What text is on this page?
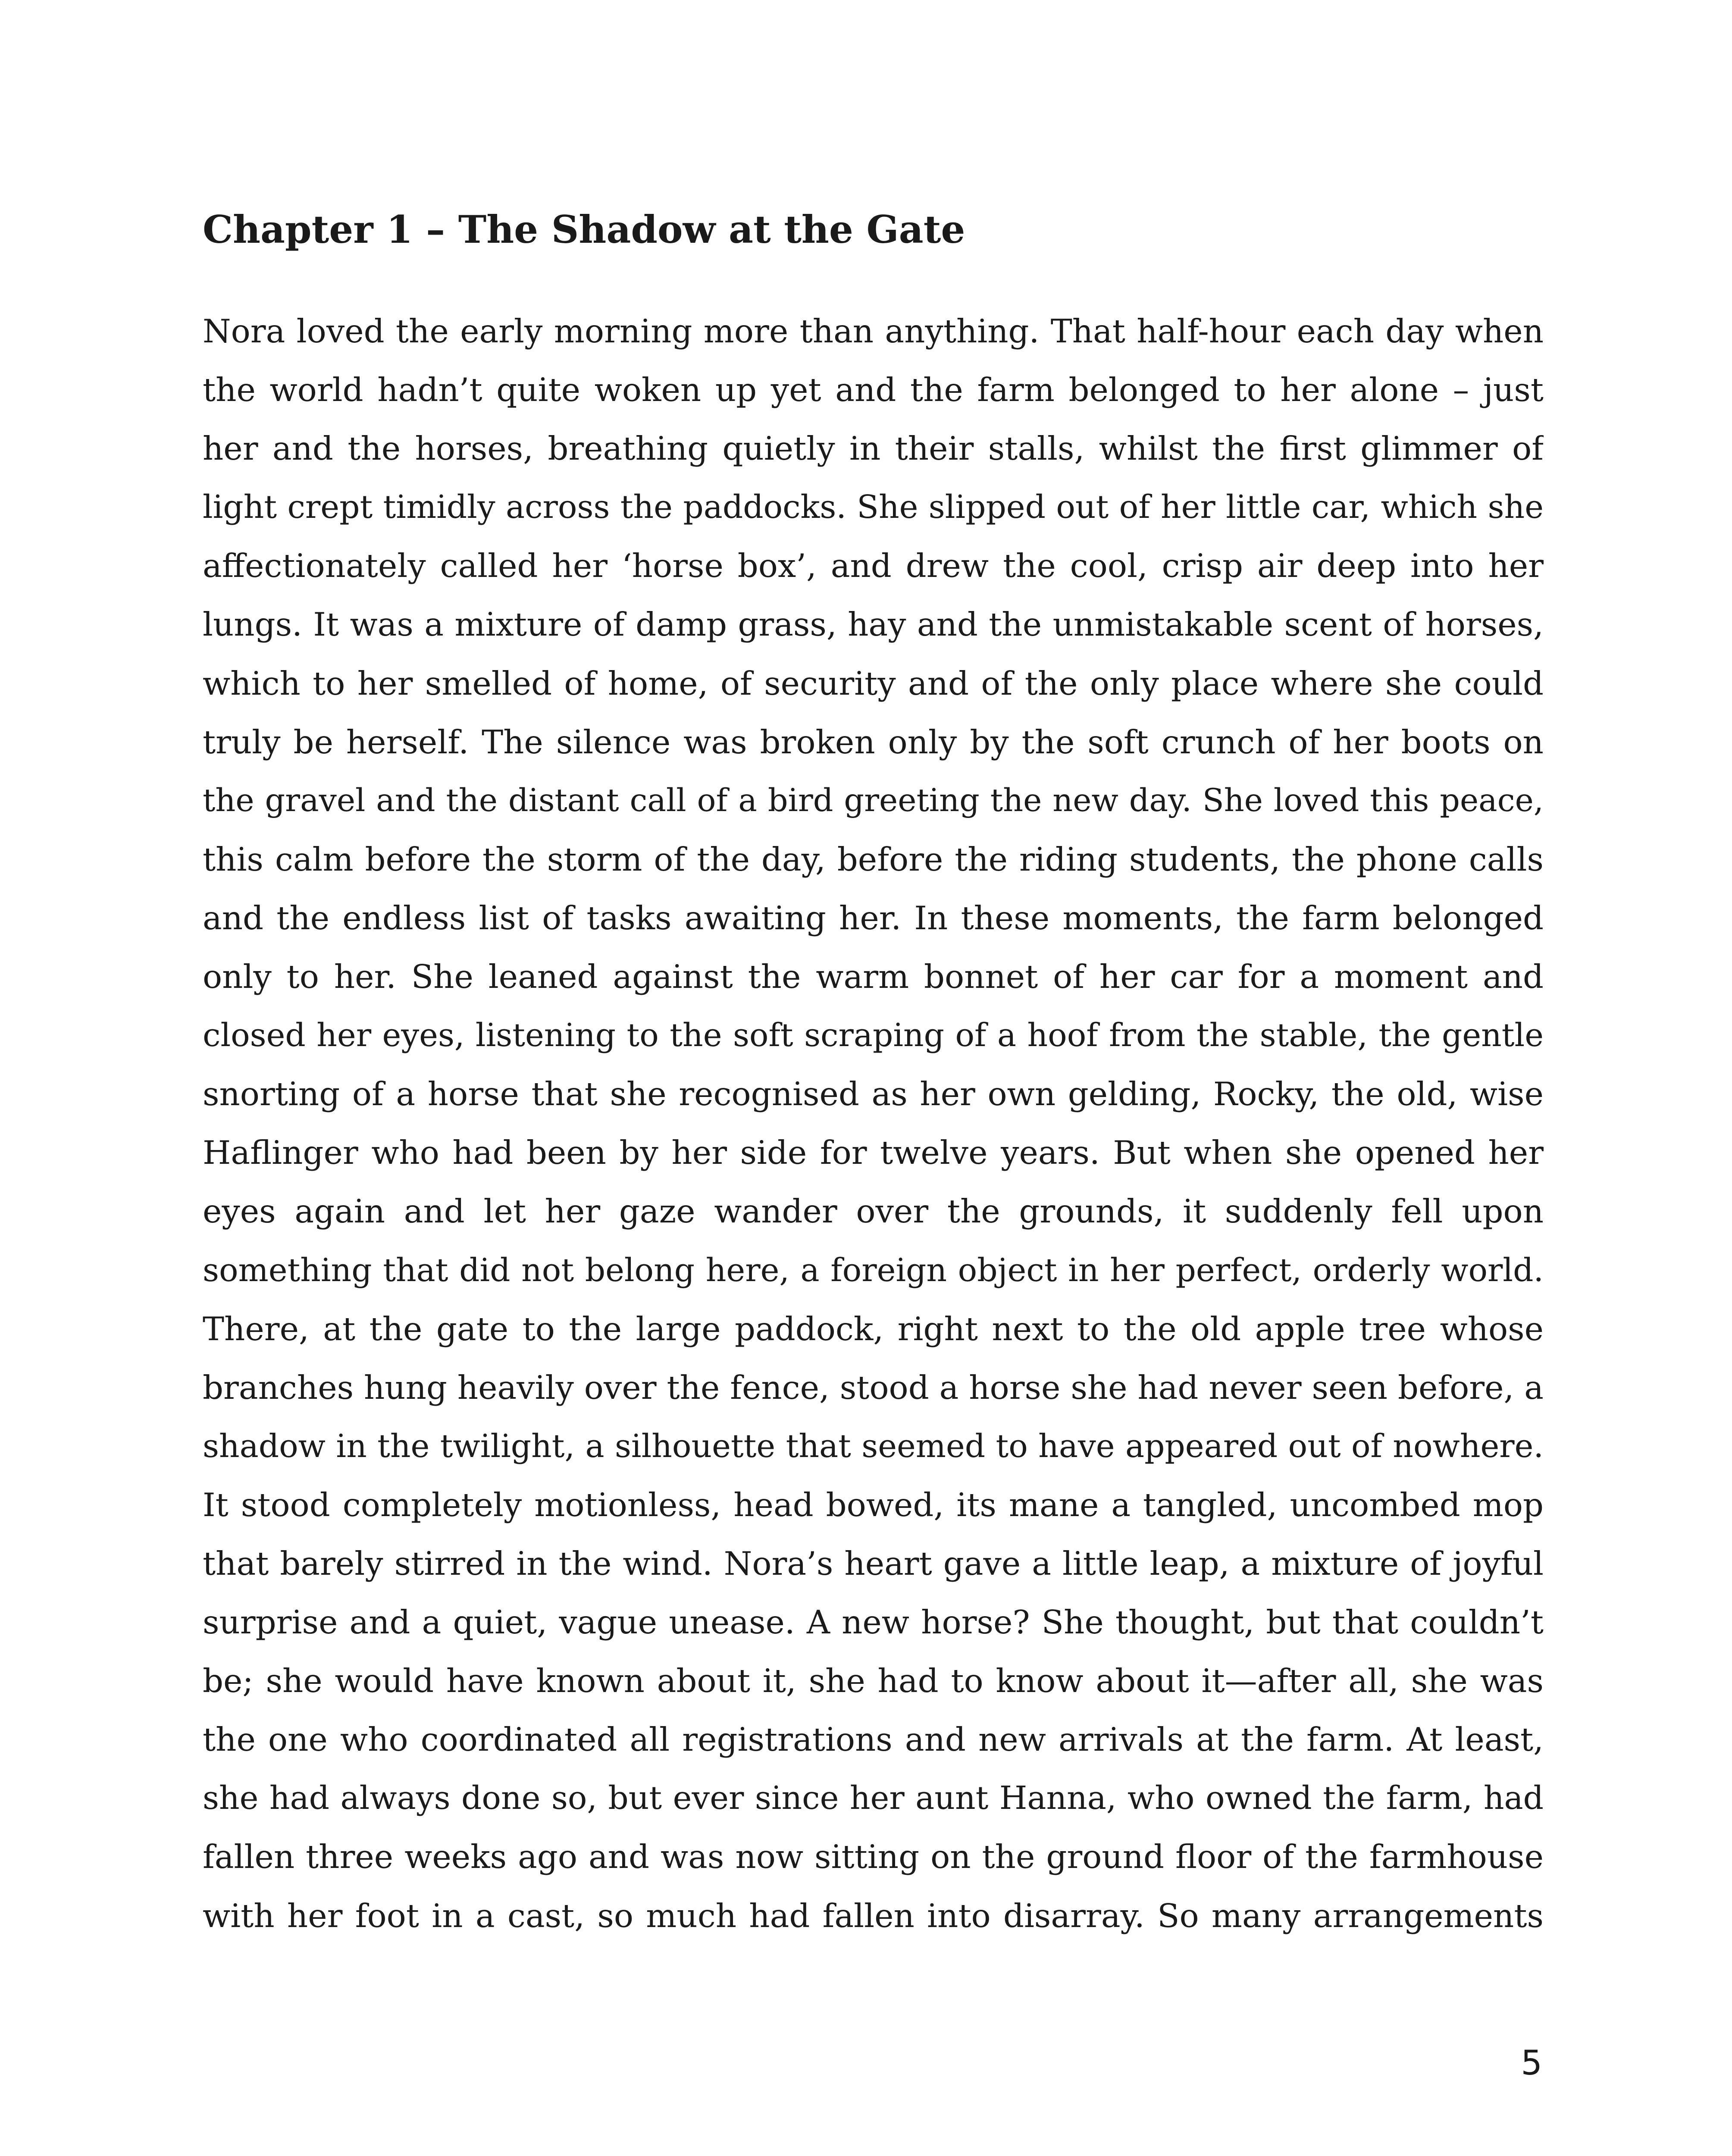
Chapter 1 – The Shadow at the Gate
Nora loved the early morning more than anything. That half-hour each day when
the world hadn’t quite woken up yet and the farm belonged to her alone – just
her and the horses, breathing quietly in their stalls, whilst the first glimmer of
light crept timidly across the paddocks. She slipped out of her little car, which she
affectionately called her ‘horse box’, and drew the cool, crisp air deep into her
lungs. It was a mixture of damp grass, hay and the unmistakable scent of horses,
which to her smelled of home, of security and of the only place where she could
truly be herself. The silence was broken only by the soft crunch of her boots on
the gravel and the distant call of a bird greeting the new day. She loved this peace,
this calm before the storm of the day, before the riding students, the phone calls
and the endless list of tasks awaiting her. In these moments, the farm belonged
only to her. She leaned against the warm bonnet of her car for a moment and
closed her eyes, listening to the soft scraping of a hoof from the stable, the gentle
snorting of a horse that she recognised as her own gelding, Rocky, the old, wise
Haflinger who had been by her side for twelve years. But when she opened her
eyes again and let her gaze wander over the grounds, it suddenly fell upon
something that did not belong here, a foreign object in her perfect, orderly world.
There, at the gate to the large paddock, right next to the old apple tree whose
branches hung heavily over the fence, stood a horse she had never seen before, a
shadow in the twilight, a silhouette that seemed to have appeared out of nowhere.
It stood completely motionless, head bowed, its mane a tangled, uncombed mop
that barely stirred in the wind. Nora’s heart gave a little leap, a mixture of joyful
surprise and a quiet, vague unease. A new horse? She thought, but that couldn’t
be; she would have known about it, she had to know about it—after all, she was
the one who coordinated all registrations and new arrivals at the farm. At least,
she had always done so, but ever since her aunt Hanna, who owned the farm, had
fallen three weeks ago and was now sitting on the ground floor of the farmhouse
with her foot in a cast, so much had fallen into disarray. So many arrangements
5
